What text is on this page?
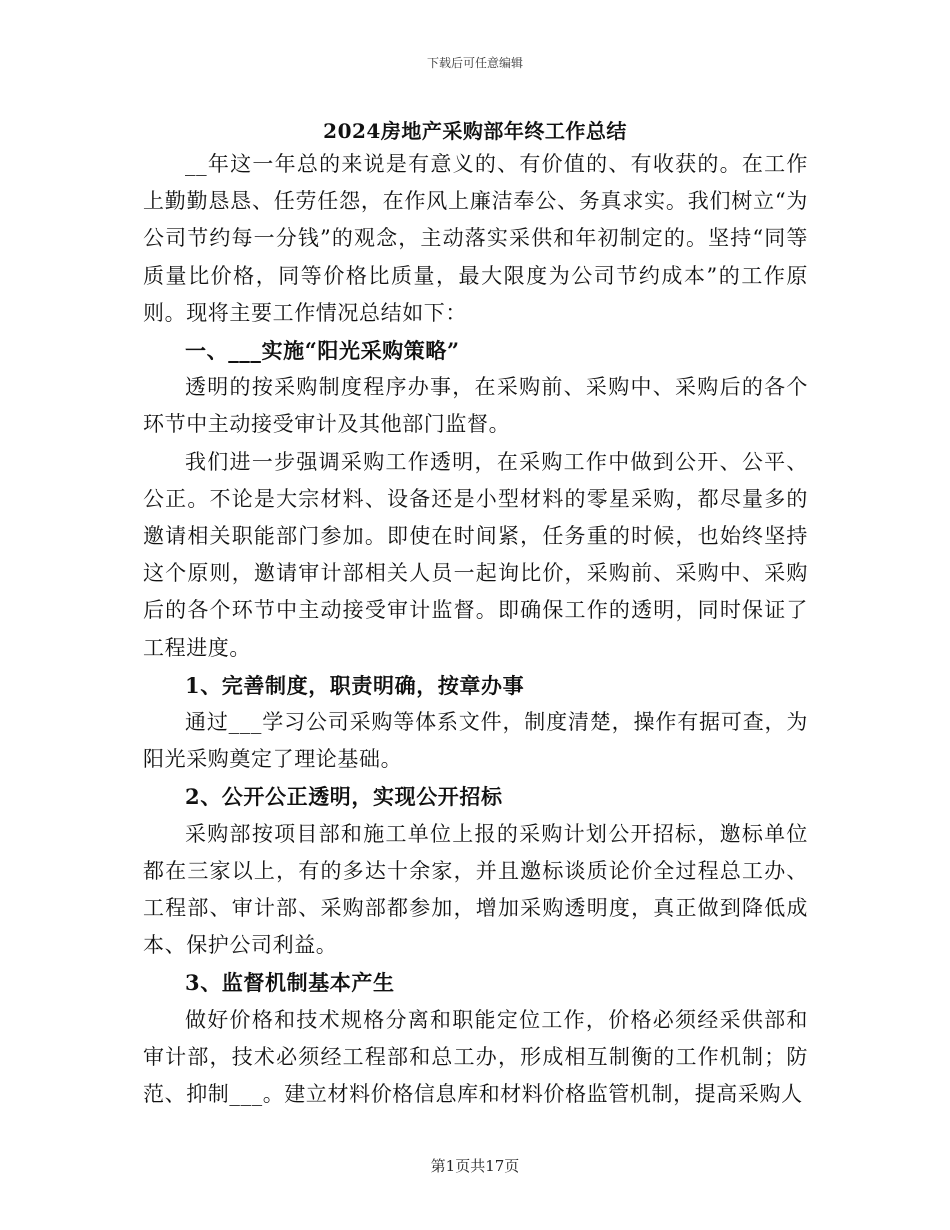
下载后可任意编辑
2024房地产采购部年终工作总结

__年这一年总的来说是有意义的、有价值的、有收获的。在工作上勤勤恳恳、任劳任怨，在作风上廉洁奉公、务真求实。我们树立“为公司节约每一分钱”的观念，主动落实采供和年初制定的。坚持“同等质量比价格，同等价格比质量，最大限度为公司节约成本”的工作原则。现将主要工作情况总结如下：

一、___实施“阳光采购策略”

透明的按采购制度程序办事，在采购前、采购中、采购后的各个环节中主动接受审计及其他部门监督。

我们进一步强调采购工作透明，在采购工作中做到公开、公平、公正。不论是大宗材料、设备还是小型材料的零星采购，都尽量多的邀请相关职能部门参加。即使在时间紧，任务重的时候，也始终坚持这个原则，邀请审计部相关人员一起询比价，采购前、采购中、采购后的各个环节中主动接受审计监督。即确保工作的透明，同时保证了工程进度。

1、完善制度，职责明确，按章办事

通过___学习公司采购等体系文件，制度清楚，操作有据可查，为阳光采购奠定了理论基础。

2、公开公正透明，实现公开招标

采购部按项目部和施工单位上报的采购计划公开招标，邀标单位都在三家以上，有的多达十余家，并且邀标谈质论价全过程总工办、工程部、审计部、采购部都参加，增加采购透明度，真正做到降低成本、保护公司利益。

3、监督机制基本产生

做好价格和技术规格分离和职能定位工作，价格必须经采供部和审计部，技术必须经工程部和总工办，形成相互制衡的工作机制；防范、抑制___。建立材料价格信息库和材料价格监管机制，提高采购人

第1页共17页
